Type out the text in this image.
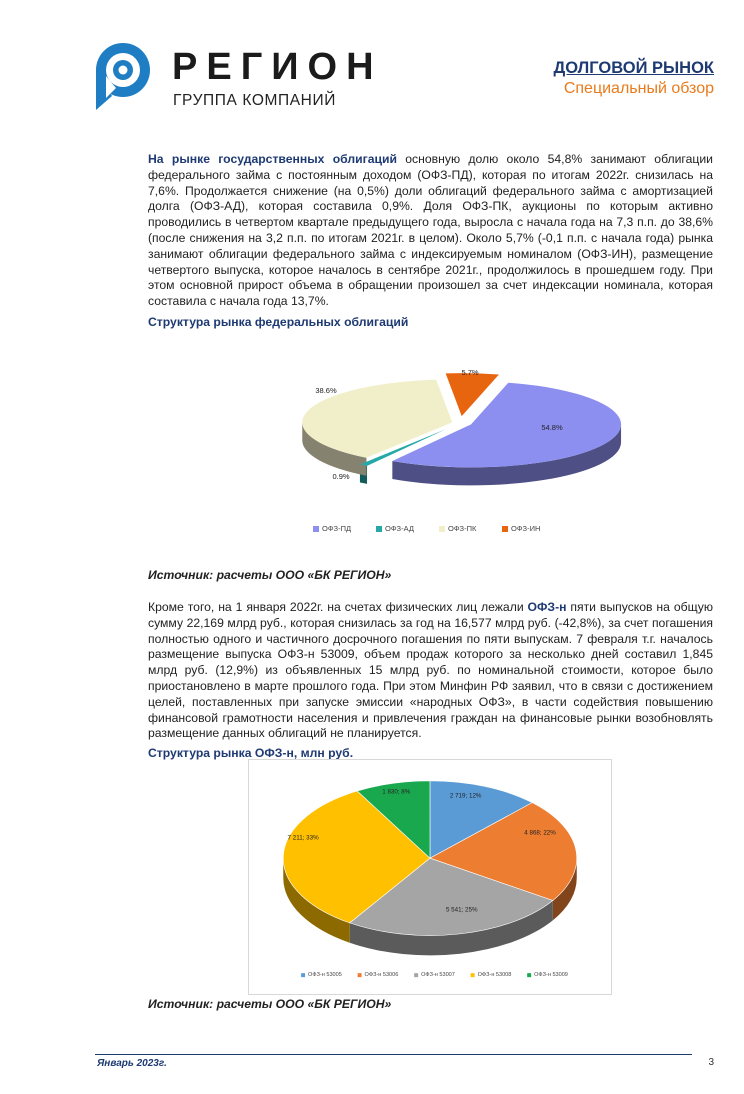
РЕГИОН
ГРУППА КОМПАНИЙ
ДОЛГОВОЙ РЫНОК
Специальный обзор
На рынке государственных облигаций основную долю около 54,8% занимают облигации федерального займа с постоянным доходом (ОФЗ-ПД), которая по итогам 2022г. снизилась на 7,6%. Продолжается снижение (на 0,5%) доли облигаций федерального займа с амортизацией долга (ОФЗ-АД), которая составила 0,9%. Доля ОФЗ-ПК, аукционы по которым активно проводились в четвертом квартале предыдущего года, выросла с начала года на 7,3 п.п. до 38,6% (после снижения на 3,2 п.п. по итогам 2021г. в целом). Около 5,7% (-0,1 п.п. с начала года) рынка занимают облигации федерального займа с индексируемым номиналом (ОФЗ-ИН), размещение четвертого выпуска, которое началось в сентябре 2021г., продолжилось в прошедшем году. При этом основной прирост объема в обращении произошел за счет индексации номинала, которая составила с начала года 13,7%.
Структура рынка федеральных облигаций
54.8%
0.9%
38.6%
5.7%
ОФЗ-ПД	ОФЗ-АД	ОФЗ-ПК	ОФЗ-ИН
Источник: расчеты ООО «БК РЕГИОН»
Кроме того, на 1 января 2022г. на счетах физических лиц лежали ОФЗ-н пяти выпусков на общую сумму 22,169 млрд руб., которая снизилась за год на 16,577 млрд руб. (-42,8%), за счет погашения полностью одного и частичного досрочного погашения по пяти выпускам. 7 февраля т.г. началось размещение выпуска ОФЗ-н 53009, объем продаж которого за несколько дней составил 1,845 млрд руб. (12,9%) из объявленных 15 млрд руб. по номинальной стоимости, которое было приостановлено в марте прошлого года. При этом Минфин РФ заявил, что в связи с достижением целей, поставленных при запуске эмиссии «народных ОФЗ», в части содействия повышению финансовой грамотности населения и привлечения граждан на финансовые рынки возобновлять размещение данных облигаций не планируется.
Структура рынка ОФЗ-н, млн руб.
2 719; 12%
4 868; 22%
5 541; 25%
7 211; 33%
1 830; 8%
ОФЗ-н 53005	ОФЗ-н 53006	ОФЗ-н 53007	ОФЗ-н 53008	ОФЗ-н 53009
Источник: расчеты ООО «БК РЕГИОН»
Январь 2023г.	3
